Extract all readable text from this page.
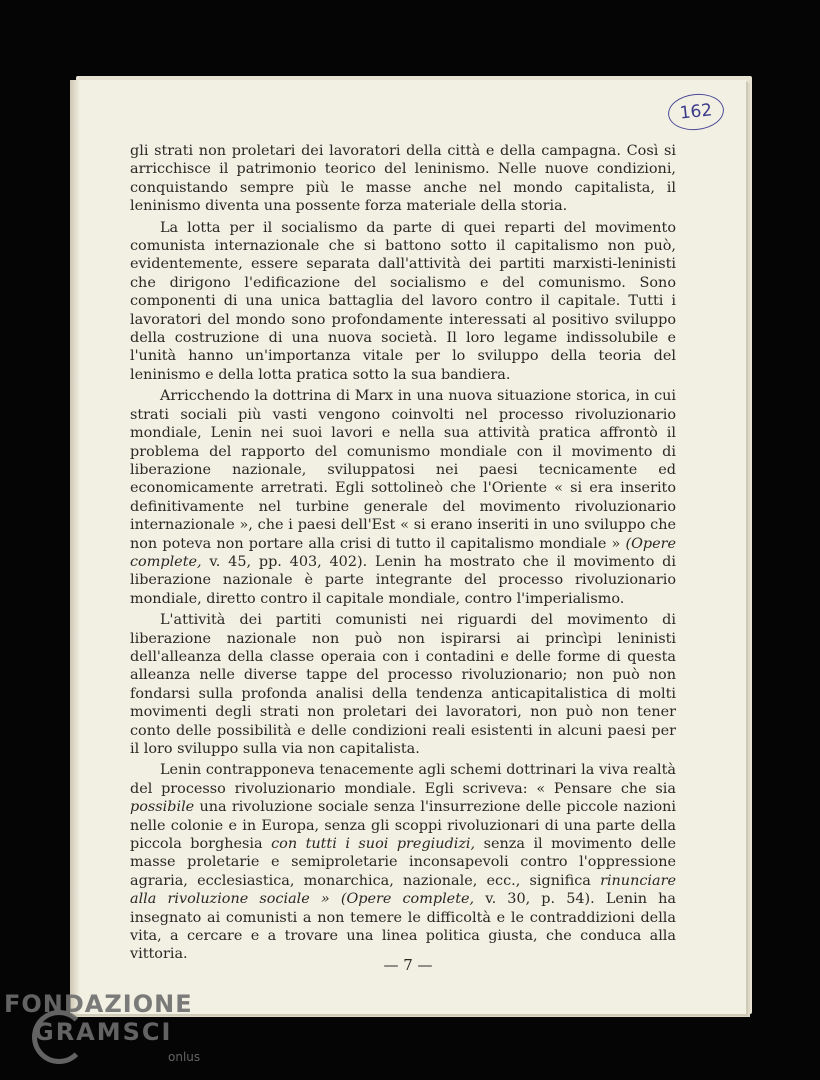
162

gli strati non proletari dei lavoratori della città e della campagna. Così si arricchisce il patrimonio teorico del leninismo. Nelle nuove condizioni, conquistando sempre più le masse anche nel mondo capitalista, il leninismo diventa una possente forza materiale della storia.

La lotta per il socialismo da parte di quei reparti del movimento comunista internazionale che si battono sotto il capitalismo non può, evidentemente, essere separata dall'attività dei partiti marxisti-leninisti che dirigono l'edificazione del socialismo e del comunismo. Sono componenti di una unica battaglia del lavoro contro il capitale. Tutti i lavoratori del mondo sono profondamente interessati al positivo sviluppo della costruzione di una nuova società. Il loro legame indissolubile e l'unità hanno un'importanza vitale per lo sviluppo della teoria del leninismo e della lotta pratica sotto la sua bandiera.

Arricchendo la dottrina di Marx in una nuova situazione storica, in cui strati sociali più vasti vengono coinvolti nel processo rivoluzionario mondiale, Lenin nei suoi lavori e nella sua attività pratica affrontò il problema del rapporto del comunismo mondiale con il movimento di liberazione nazionale, sviluppatosi nei paesi tecnicamente ed economicamente arretrati. Egli sottolineò che l'Oriente « si era inserito definitivamente nel turbine generale del movimento rivoluzionario internazionale », che i paesi dell'Est « si erano inseriti in uno sviluppo che non poteva non portare alla crisi di tutto il capitalismo mondiale » (Opere complete, v. 45, pp. 403, 402). Lenin ha mostrato che il movimento di liberazione nazionale è parte integrante del processo rivoluzionario mondiale, diretto contro il capitale mondiale, contro l'imperialismo.

L'attività dei partiti comunisti nei riguardi del movimento di liberazione nazionale non può non ispirarsi ai princìpi leninisti dell'alleanza della classe operaia con i contadini e delle forme di questa alleanza nelle diverse tappe del processo rivoluzionario; non può non fondarsi sulla profonda analisi della tendenza anticapitalistica di molti movimenti degli strati non proletari dei lavoratori, non può non tener conto delle possibilità e delle condizioni reali esistenti in alcuni paesi per il loro sviluppo sulla via non capitalista.

Lenin contrapponeva tenacemente agli schemi dottrinari la viva realtà del processo rivoluzionario mondiale. Egli scriveva: « Pensare che sia possibile una rivoluzione sociale senza l'insurrezione delle piccole nazioni nelle colonie e in Europa, senza gli scoppi rivoluzionari di una parte della piccola borghesia con tutti i suoi pregiudizi, senza il movimento delle masse proletarie e semiproletarie inconsapevoli contro l'oppressione agraria, ecclesiastica, monarchica, nazionale, ecc., significa rinunciare alla rivoluzione sociale » (Opere complete, v. 30, p. 54). Lenin ha insegnato ai comunisti a non temere le difficoltà e le contraddizioni della vita, a cercare e a trovare una linea politica giusta, che conduca alla vittoria.

— 7 —
FONDAZIONE
GRAMSCI
onlus
